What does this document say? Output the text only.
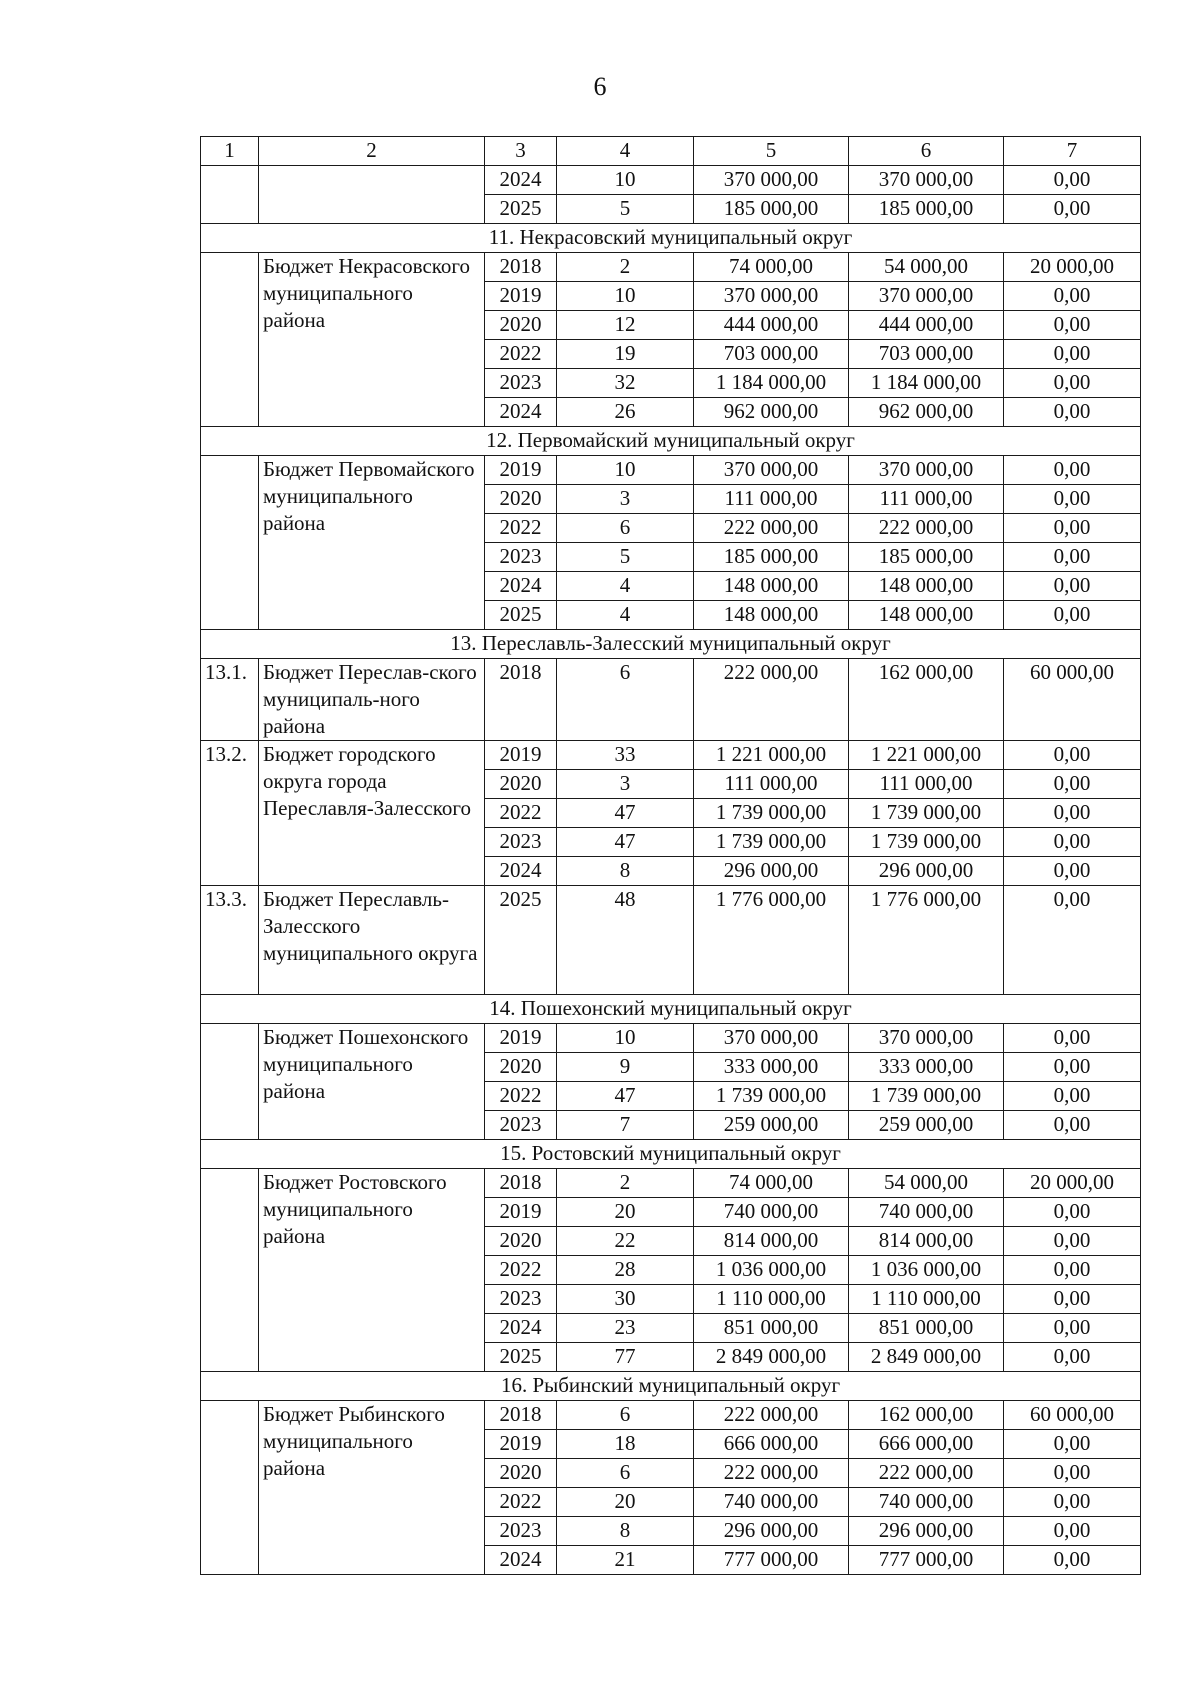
6
1	2	3	4	5	6	7
		2024	10	370 000,00	370 000,00	0,00
		2025	5	185 000,00	185 000,00	0,00
11. Некрасовский муниципальный округ						
	Бюджет Некрасовского муниципального района	2018	2	74 000,00	54 000,00	20 000,00
		2019	10	370 000,00	370 000,00	0,00
		2020	12	444 000,00	444 000,00	0,00
		2022	19	703 000,00	703 000,00	0,00
		2023	32	1 184 000,00	1 184 000,00	0,00
		2024	26	962 000,00	962 000,00	0,00
12. Первомайский муниципальный округ						
	Бюджет Первомайского муниципального района	2019	10	370 000,00	370 000,00	0,00
		2020	3	111 000,00	111 000,00	0,00
		2022	6	222 000,00	222 000,00	0,00
		2023	5	185 000,00	185 000,00	0,00
		2024	4	148 000,00	148 000,00	0,00
		2025	4	148 000,00	148 000,00	0,00
13. Переславль-Залесский муниципальный округ						
13.1.	Бюджет Переслав-ского муниципаль-ного района	2018	6	222 000,00	162 000,00	60 000,00
13.2.	Бюджет городского округа города Переславля-Залесского	2019	33	1 221 000,00	1 221 000,00	0,00
		2020	3	111 000,00	111 000,00	0,00
		2022	47	1 739 000,00	1 739 000,00	0,00
		2023	47	1 739 000,00	1 739 000,00	0,00
		2024	8	296 000,00	296 000,00	0,00
13.3.	Бюджет Переславль-Залесского муниципального округа	2025	48	1 776 000,00	1 776 000,00	0,00
14. Пошехонский муниципальный округ						
	Бюджет Пошехонского муниципального района	2019	10	370 000,00	370 000,00	0,00
		2020	9	333 000,00	333 000,00	0,00
		2022	47	1 739 000,00	1 739 000,00	0,00
		2023	7	259 000,00	259 000,00	0,00
15. Ростовский муниципальный округ						
	Бюджет Ростовского муниципального района	2018	2	74 000,00	54 000,00	20 000,00
		2019	20	740 000,00	740 000,00	0,00
		2020	22	814 000,00	814 000,00	0,00
		2022	28	1 036 000,00	1 036 000,00	0,00
		2023	30	1 110 000,00	1 110 000,00	0,00
		2024	23	851 000,00	851 000,00	0,00
		2025	77	2 849 000,00	2 849 000,00	0,00
16. Рыбинский муниципальный округ						
	Бюджет Рыбинского муниципального района	2018	6	222 000,00	162 000,00	60 000,00
		2019	18	666 000,00	666 000,00	0,00
		2020	6	222 000,00	222 000,00	0,00
		2022	20	740 000,00	740 000,00	0,00
		2023	8	296 000,00	296 000,00	0,00
		2024	21	777 000,00	777 000,00	0,00
